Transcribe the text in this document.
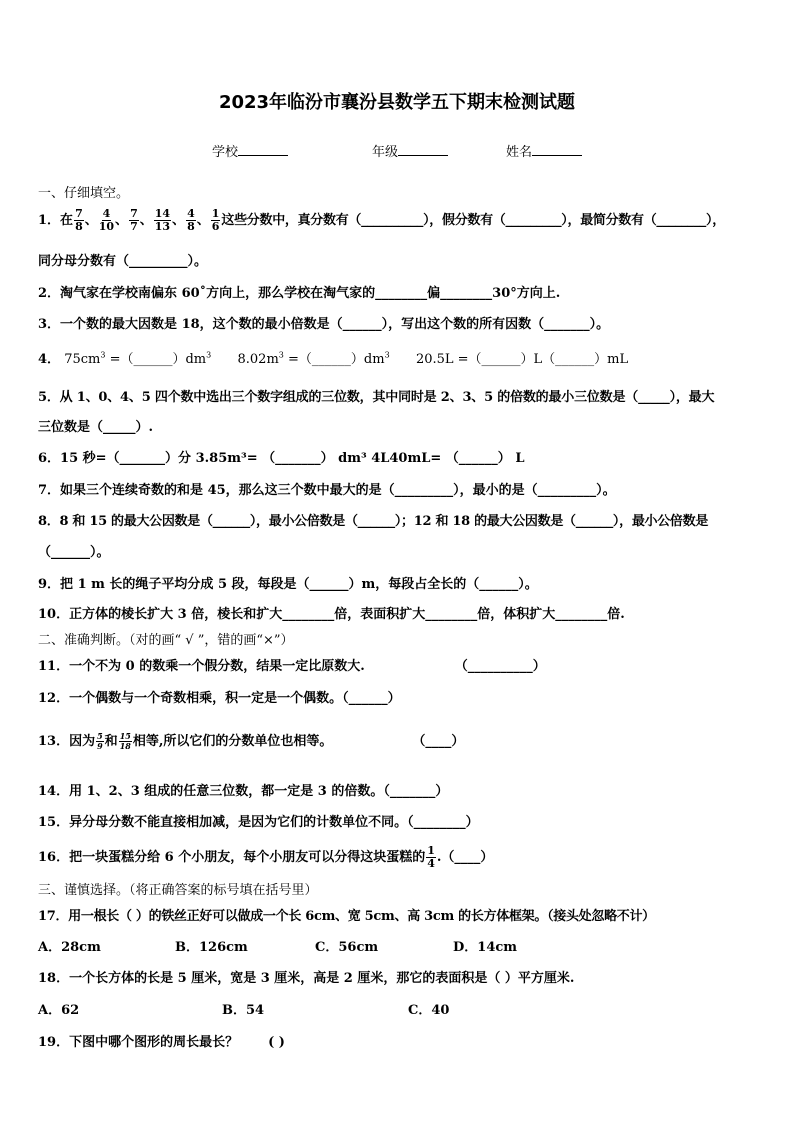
2023年临汾市襄汾县数学五下期末检测试题
学校	年级	姓名
一、仔细填空。
1．在 $\frac{7}{8}$ 、 $\frac{4}{10}$ 、 $\frac{7}{7}$ 、 $\frac{14}{13}$ 、 $\frac{4}{8}$ 、 $\frac{1}{6}$ 这些分数中，真分数有（__________），假分数有（_________），最简分数有（________），
同分母分数有（_________）。
2．淘气家在学校南偏东 60˚方向上，那么学校在淘气家的________偏________30°方向上.
3．一个数的最大因数是 18，这个数的最小倍数是（______），写出这个数的所有因数（_______）。
4． $75cm^3$ $=(\_\_\_\_\_\_)dm^3$ $8.02m^3$ $=(\_\_\_\_\_\_)dm^3$ 20.5L =（______）L（______）mL
5．从 1、0、4、5 四个数中选出三个数字组成的三位数，其中同时是 2、3、5 的倍数的最小三位数是（_____），最大
三位数是（_____）.
6．15 秒=（_______）分 3.85m³= （_______） dm³ 4L40mL= （______） L
7．如果三个连续奇数的和是 45，那么这三个数中最大的是（_________），最小的是（_________）。
8．8 和 15 的最大公因数是（______），最小公倍数是（______）；12 和 18 的最大公因数是（______），最小公倍数是
（______）。
9．把 1 m 长的绳子平均分成 5 段，每段是（______）m，每段占全长的（______）。
10．正方体的棱长扩大 3 倍，棱长和扩大________倍，表面积扩大________倍，体积扩大________倍.
二、准确判断。（对的画“ √ ”，错的画“×”）
11．一个不为 0 的数乘一个假分数，结果一定比原数大.	（__________）
12．一个偶数与一个奇数相乘，积一定是一个偶数。（______）
13．因为 $\frac{5}{9}$ 和 $\frac{15}{18}$ 相等,所以它们的分数单位也相等。	（____）
14．用 1、2、3 组成的任意三位数，都一定是 3 的倍数。（_______）
15．异分母分数不能直接相加减，是因为它们的计数单位不同。（________）
16．把一块蛋糕分给 6 个小朋友，每个小朋友可以分得这块蛋糕的 $\frac{1}{4}$ .（____）
三、谨慎选择。（将正确答案的标号填在括号里）
17．用一根长（ ）的铁丝正好可以做成一个长 6cm、宽 5cm、高 3cm 的长方体框架。（接头处忽略不计）
A．28cm	B．126cm	C．56cm	D．14cm
18．一个长方体的长是 5 厘米，宽是 3 厘米，高是 2 厘米，那它的表面积是（ ）平方厘米.
A．62	B．54	C．40
19．下图中哪个图形的周长最长？ ( )
